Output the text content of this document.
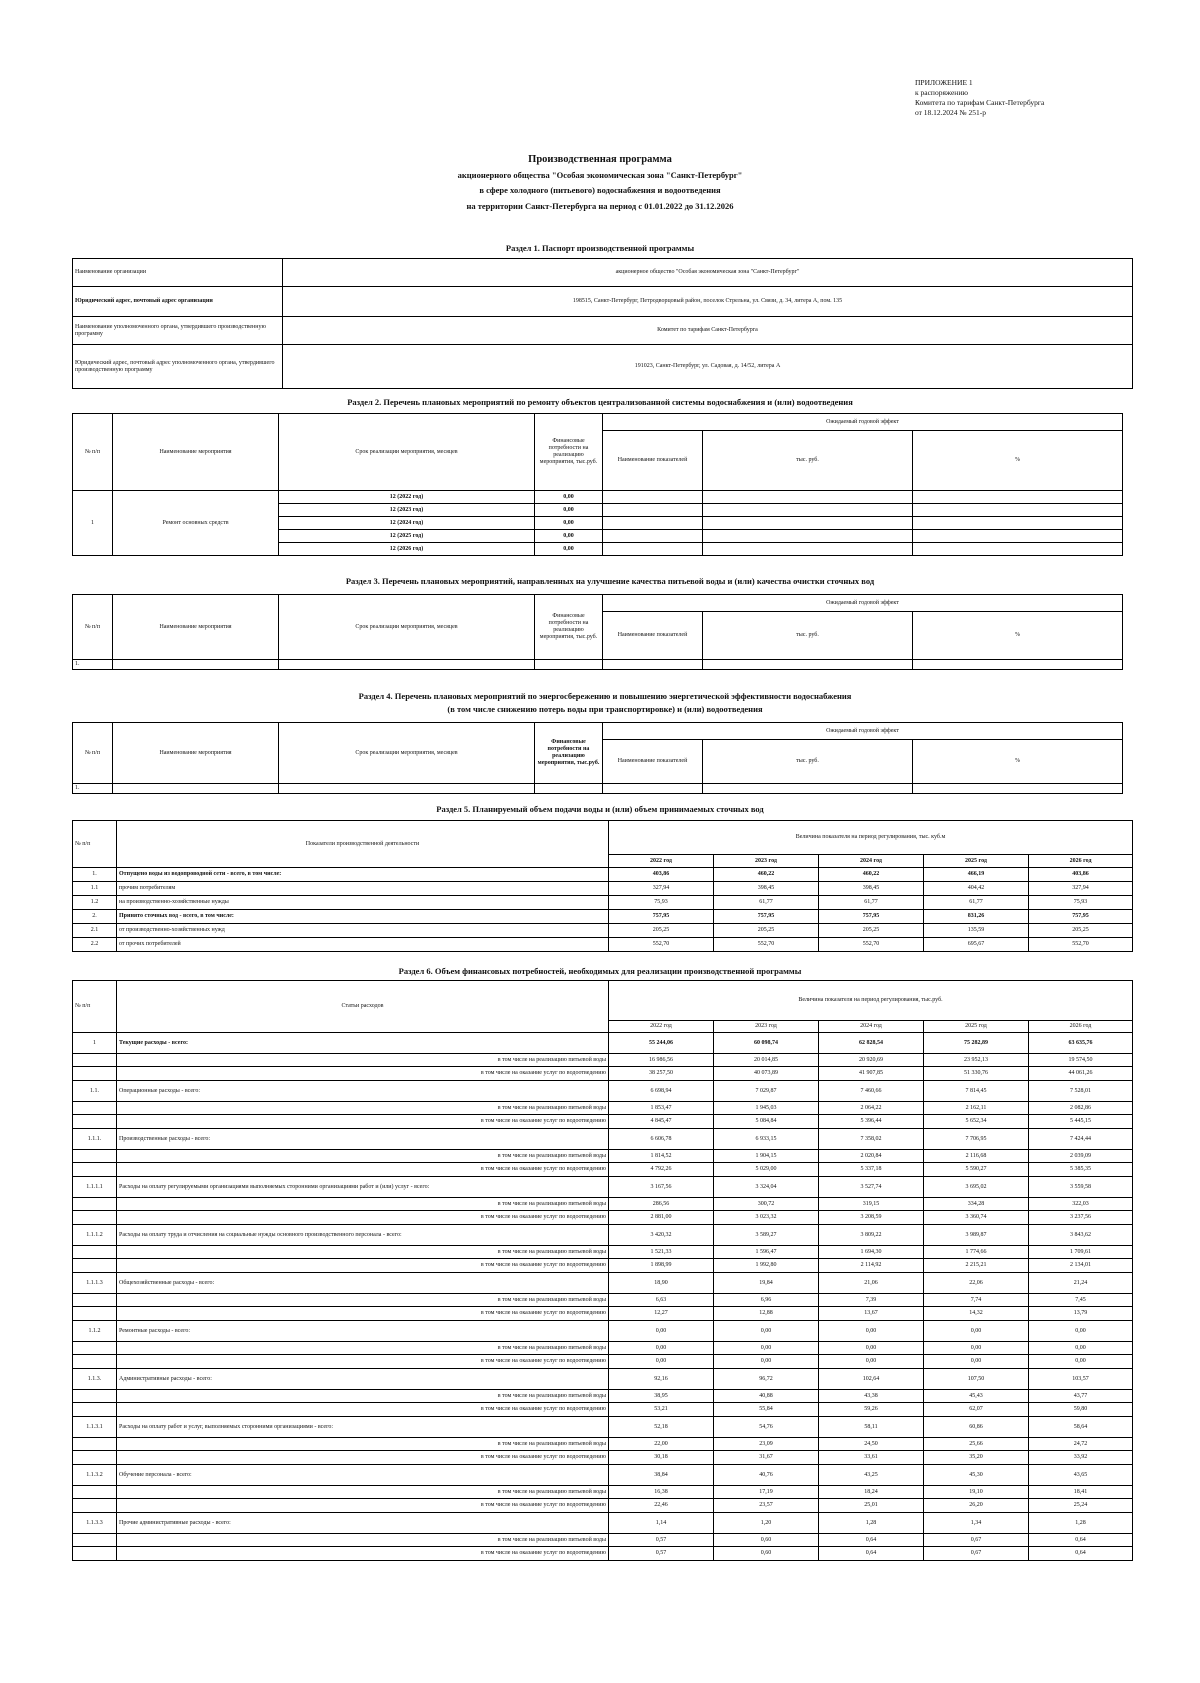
ПРИЛОЖЕНИЕ 1
к распоряжению
Комитета по тарифам Санкт-Петербурга
от 18.12.2024 № 251-р
Производственная программа
акционерного общества "Особая экономическая зона "Санкт-Петербург"
в сфере холодного (питьевого) водоснабжения и водоотведения
на территории Санкт-Петербурга на период с 01.01.2022 до 31.12.2026
Раздел 1. Паспорт производственной программы
Наименование организации	акционерное общество "Особая экономическая зона "Санкт-Петербург"
Юридический адрес, почтовый адрес организации	198515, Санкт-Петербург, Петродворцовый район, поселок Стрельна, ул. Связи, д. 34, литера А, пом. 135
Наименование уполномоченного органа, утвердившего производственную программу	Комитет по тарифам Санкт-Петербурга
Юридический адрес, почтовый адрес уполномоченного органа, утвердившего производственную программу	191023, Санкт-Петербург, ул. Садовая, д. 14/52, литера А
Раздел 2. Перечень плановых мероприятий по ремонту объектов централизованной системы водоснабжения и (или) водоотведения
№ п/п	Наименование мероприятия	Срок реализации мероприятия, месяцев	Финансовые потребности на реализацию мероприятия, тыс.руб.	Ожидаемый годовой эффект		
				Наименование показателей	тыс. руб.	%
1	Ремонт основных средств	12 (2022 год)	0,00			
		12 (2023 год)	0,00			
		12 (2024 год)	0,00			
		12 (2025 год)	0,00			
		12 (2026 год)	0,00			
Раздел 3. Перечень плановых мероприятий, направленных на улучшение качества питьевой воды и (или) качества очистки сточных вод
№ п/п	Наименование мероприятия	Срок реализации мероприятия, месяцев	Финансовые потребности на реализацию мероприятия, тыс.руб.	Ожидаемый годовой эффект		
				Наименование показателей	тыс. руб.	%
1.						
Раздел 4. Перечень плановых мероприятий по энергосбережению и повышению энергетической эффективности водоснабжения
(в том числе снижению потерь воды при транспортировке) и (или) водоотведения
№ п/п	Наименование мероприятия	Срок реализации мероприятия, месяцев	Финансовые потребности на реализацию мероприятия, тыс.руб.	Ожидаемый годовой эффект		
				Наименование показателей	тыс. руб.	%
1.						
Раздел 5. Планируемый объем подачи воды и (или) объем принимаемых сточных вод
№ п/п	Показатели производственной деятельности	Величина показателя на период регулирования, тыс. куб.м				
		2022 год	2023 год	2024 год	2025 год	2026 год
1.	Отпущено воды из водопроводной сети - всего, в том числе:	403,86	460,22	460,22	466,19	403,86
1.1	прочим потребителям	327,94	398,45	398,45	404,42	327,94
1.2	на производственно-хозяйственные нужды	75,93	61,77	61,77	61,77	75,93
2.	Принято сточных вод - всего, в том числе:	757,95	757,95	757,95	831,26	757,95
2.1	от производственно-хозяйственных нужд	205,25	205,25	205,25	135,59	205,25
2.2	от прочих потребителей	552,70	552,70	552,70	695,67	552,70
Раздел 6. Объем финансовых потребностей, необходимых для реализации производственной программы
№ п/п	Статьи расходов	Величина показателя на период регулирования, тыс.руб.				
		2022 год	2023 год	2024 год	2025 год	2026 год
1	Текущие расходы - всего:	55 244,06	60 098,74	62 828,54	75 282,89	63 635,76
	в том числе на реализацию питьевой воды	16 986,56	20 014,85	20 920,69	23 952,13	19 574,50
	в том числе на оказание услуг по водоотведению	38 257,50	40 073,89	41 907,85	51 330,76	44 061,26
1.1.	Операционные расходы - всего:	6 698,94	7 029,87	7 460,66	7 814,45	7 528,01
	в том числе на реализацию питьевой воды	1 853,47	1 945,03	2 064,22	2 162,11	2 082,86
	в том числе на оказание услуг по водоотведению	4 845,47	5 084,84	5 396,44	5 652,34	5 445,15
1.1.1.	Производственные расходы - всего:	6 606,78	6 933,15	7 358,02	7 706,95	7 424,44
	в том числе на реализацию питьевой воды	1 814,52	1 904,15	2 020,84	2 116,68	2 039,09
	в том числе на оказание услуг по водоотведению	4 792,26	5 029,00	5 337,18	5 590,27	5 385,35
1.1.1.1	Расходы на оплату регулируемыми организациями выполняемых сторонними организациями работ и (или) услуг - всего:	3 167,56	3 324,04	3 527,74	3 695,02	3 559,58
	в том числе на реализацию питьевой воды	286,56	300,72	319,15	334,28	322,03
	в том числе на оказание услуг по водоотведению	2 881,00	3 023,32	3 208,59	3 360,74	3 237,56
1.1.1.2	Расходы на оплату труда и отчисления на социальные нужды основного производственного персонала - всего:	3 420,32	3 589,27	3 809,22	3 989,87	3 843,62
	в том числе на реализацию питьевой воды	1 521,33	1 596,47	1 694,30	1 774,66	1 709,61
	в том числе на оказание услуг по водоотведению	1 898,99	1 992,80	2 114,92	2 215,21	2 134,01
1.1.1.3	Общехозяйственные расходы - всего:	18,90	19,84	21,06	22,06	21,24
	в том числе на реализацию питьевой воды	6,63	6,96	7,39	7,74	7,45
	в том числе на оказание услуг по водоотведению	12,27	12,88	13,67	14,32	13,79
1.1.2	Ремонтные расходы - всего:	0,00	0,00	0,00	0,00	0,00
	в том числе на реализацию питьевой воды	0,00	0,00	0,00	0,00	0,00
	в том числе на оказание услуг по водоотведению	0,00	0,00	0,00	0,00	0,00
1.1.3.	Административные расходы - всего:	92,16	96,72	102,64	107,50	103,57
	в том числе на реализацию питьевой воды	38,95	40,88	43,38	45,43	43,77
	в том числе на оказание услуг по водоотведению	53,21	55,84	59,26	62,07	59,80
1.1.3.1	Расходы на оплату работ и услуг, выполняемых сторонними организациями - всего:	52,18	54,76	58,11	60,86	58,64
	в том числе на реализацию питьевой воды	22,00	23,09	24,50	25,66	24,72
	в том числе на оказание услуг по водоотведению	30,18	31,67	33,61	35,20	33,92
1.1.3.2	Обучение персонала - всего:	38,84	40,76	43,25	45,30	43,65
	в том числе на реализацию питьевой воды	16,38	17,19	18,24	19,10	18,41
	в том числе на оказание услуг по водоотведению	22,46	23,57	25,01	26,20	25,24
1.1.3.3	Прочие административные расходы - всего:	1,14	1,20	1,28	1,34	1,28
	в том числе на реализацию питьевой воды	0,57	0,60	0,64	0,67	0,64
	в том числе на оказание услуг по водоотведению	0,57	0,60	0,64	0,67	0,64
